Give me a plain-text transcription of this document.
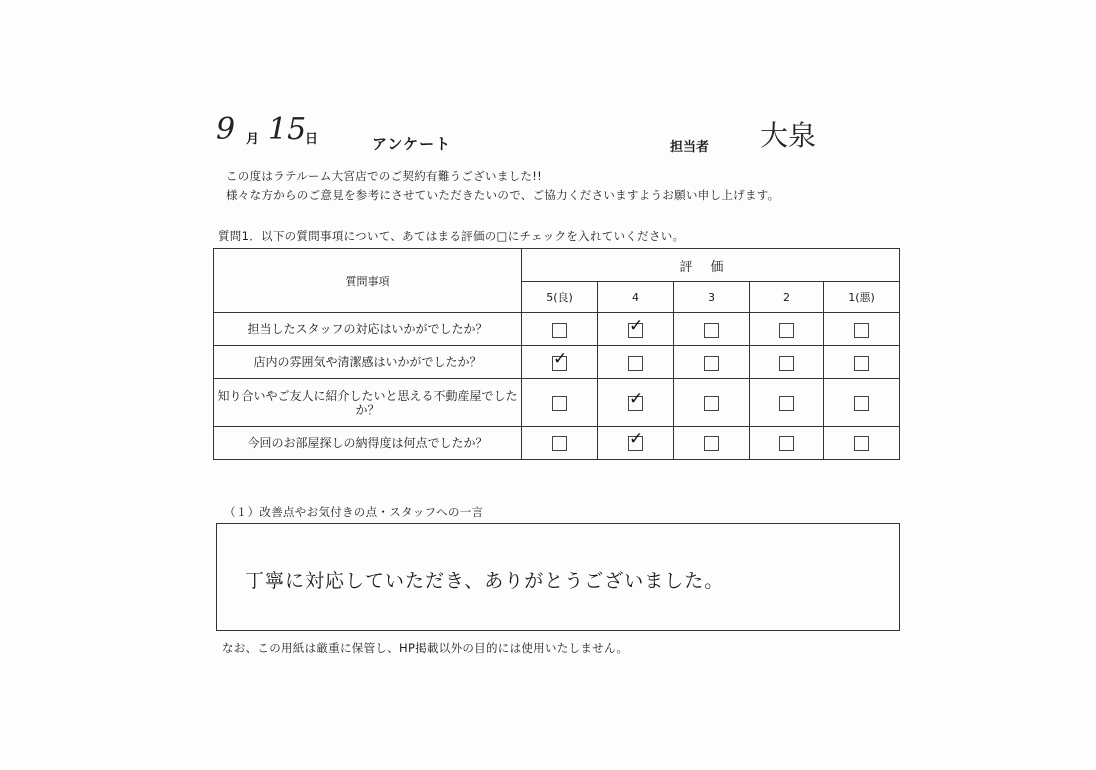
9 月 15
日	アンケート	担当者 大泉
この度はラテルーム大宮店でのご契約有難うございました!!
様々な方からのご意見を参考にさせていただきたいので、ご協力くださいますようお願い申し上げます。
質問1．以下の質問事項について、あてはまる評価の□にチェックを入れていください。
質問事項	評価				
	5(良)	4	3	2	1(悪)
担当したスタッフの対応はいかがでしたか？		✓			

店内の雰囲気や清潔感はいかがでしたか？	✓				

知り合いやご友人に紹介したいと思える不動産屋でしたか？		✓			

今回のお部屋探しの納得度は何点でしたか？		✓			

（１）改善点やお気付きの点・スタッフへの一言
丁寧に対応していただき、ありがとうございました。
なお、この用紙は厳重に保管し、HP掲載以外の目的には使用いたしません。
